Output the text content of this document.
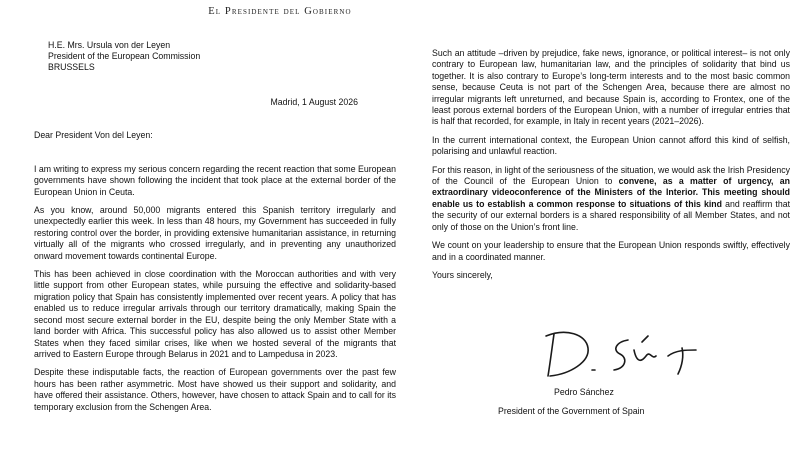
El Presidente del Gobierno
H.E. Mrs. Ursula von der Leyen
President of the European Commission
BRUSSELS
Madrid, 1 August 2026
Dear President Von del Leyen:

I am writing to express my serious concern regarding the recent reaction that some European governments have shown following the incident that took place at the external border of the European Union in Ceuta.

As you know, around 50,000 migrants entered this Spanish territory irregularly and unexpectedly earlier this week. In less than 48 hours, my Government has succeeded in fully restoring control over the border, in providing extensive humanitarian assistance, in returning virtually all of the migrants who crossed irregularly, and in preventing any unauthorized onward movement towards continental Europe.

This has been achieved in close coordination with the Moroccan authorities and with very little support from other European states, while pursuing the effective and solidarity-based migration policy that Spain has consistently implemented over recent years. A policy that has enabled us to reduce irregular arrivals through our territory dramatically, making Spain the second most secure external border in the EU, despite being the only Member State with a land border with Africa. This successful policy has also allowed us to assist other Member States when they faced similar crises, like when we hosted several of the migrants that arrived to Eastern Europe through Belarus in 2021 and to Lampedusa in 2023.

Despite these indisputable facts, the reaction of European governments over the past few hours has been rather asymmetric. Most have showed us their support and solidarity, and have offered their assistance. Others, however, have chosen to attack Spain and to call for its temporary exclusion from the Schengen Area.

Such an attitude –driven by prejudice, fake news, ignorance, or political interest– is not only contrary to European law, humanitarian law, and the principles of solidarity that bind us together. It is also contrary to Europe’s long-term interests and to the most basic common sense, because Ceuta is not part of the Schengen Area, because there are almost no irregular migrants left unreturned, and because Spain is, according to Frontex, one of the least porous external borders of the European Union, with a number of irregular entries that is half that recorded, for example, in Italy in recent years (2021–2026).

In the current international context, the European Union cannot afford this kind of selfish, polarising and unlawful reaction.

For this reason, in light of the seriousness of the situation, we would ask the Irish Presidency of the Council of the European Union to convene, as a matter of urgency, an extraordinary videoconference of the Ministers of the Interior. This meeting should enable us to establish a common response to situations of this kind and reaffirm that the security of our external borders is a shared responsibility of all Member States, and not only of those on the Union’s front line.

We count on your leadership to ensure that the European Union responds swiftly, effectively and in a coordinated manner.

Yours sincerely,

Pedro Sánchez
President of the Government of Spain
